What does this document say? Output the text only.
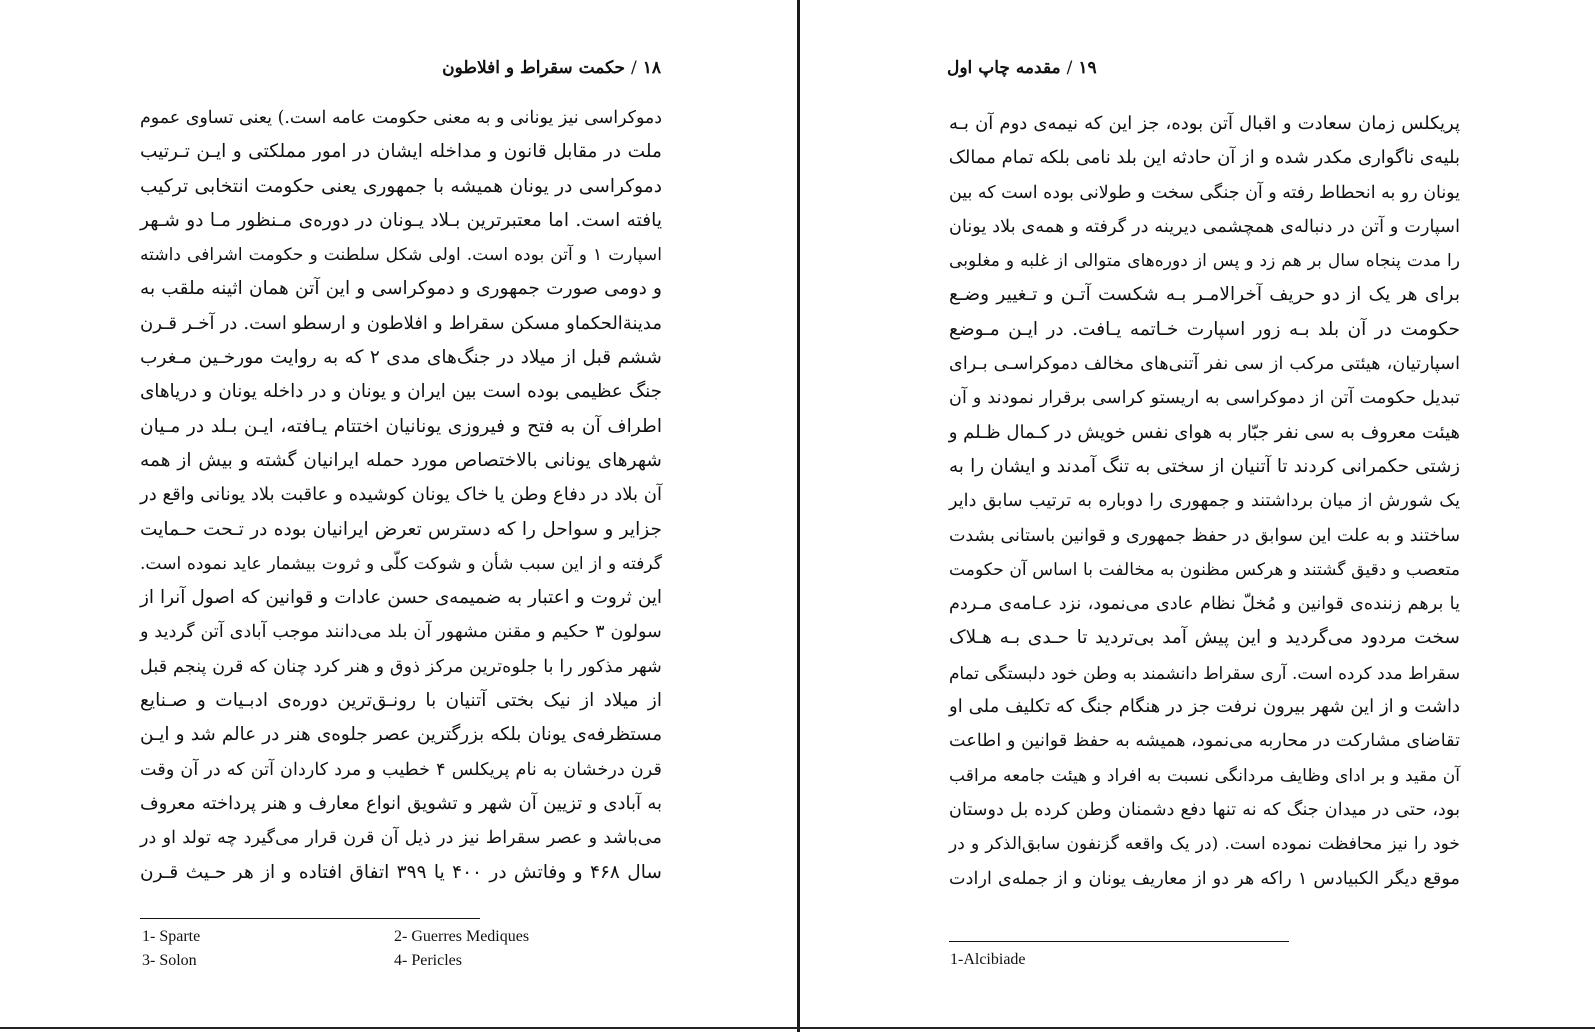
۱۸/حکمت سقراط و افلاطون
دموکراسی نیز یونانی و به معنی حکومت عامه است.) یعنی تساوی عموم
ملت در مقابل قانون و مداخله ایشان در امور مملکتی و ایـن تـرتیب
دموکراسی در یونان همیشه با جمهوری یعنی حکومت انتخابی ترکیب
یافته است. اما معتبرترین بـلاد یـونان در دوره‌ی مـنظور مـا دو شـهر
اسپارت ۱ و آتن بوده است. اولی شکل سلطنت و حکومت اشرافی داشته
و دومی صورت جمهوری و دموکراسی و این آتن همان اثینه ملقب به
مدینة‌الحکماو مسکن سقراط و افلاطون و ارسطو است. در آخـر قـرن
ششم قبل از میلاد در جنگ‌های مدی ۲ که به روایت مورخـین مـغرب
جنگ عظیمی بوده است بین ایران و یونان و در داخله یونان و دریاهای
اطراف آن به فتح و فیروزی یونانیان اختتام یـافته، ایـن بـلد در مـیان
شهرهای یونانی بالاختصاص مورد حمله ایرانیان گشته و بیش از همه
آن بلاد در دفاع وطن یا خاک یونان کوشیده و عاقبت بلاد یونانی واقع در
جزایر و سواحل را که دسترس تعرض ایرانیان بوده در تـحت حـمایت
گرفته و از این سبب شأن و شوکت کلّی و ثروت بیشمار عاید نموده است.
این ثروت و اعتبار به ضمیمه‌ی حسن عادات و قوانین که اصول آنرا از
سولون ۳ حکیم و مقنن مشهور آن بلد می‌دانند موجب آبادی آتن گردید و
شهر مذکور را با جلوه‌ترین مرکز ذوق و هنر کرد چنان که قرن پنجم قبل
از میلاد از نیک بختی آتنیان با رونـق‌ترین دوره‌ی ادبـیات و صـنایع
مستظرفه‌ی یونان بلکه بزرگترین عصر جلوه‌ی هنر در عالم شد و ایـن
قرن درخشان به نام پریکلس ۴ خطیب و مرد کاردان آتن که در آن وقت
به آبادی و تزیین آن شهر و تشویق انواع معارف و هنر پرداخته معروف
می‌باشد و عصر سقراط نیز در ذیل آن قرن قرار می‌گیرد چه تولد او در
سال ۴۶۸ و وفاتش در ۴۰۰ یا ۳۹۹ اتفاق افتاده و از هر حـیث قـرن
1- Sparte	2- Guerres Mediques
3- Solon	4- Pericles
۱۹/مقدمه چاپ اول
پریکلس زمان سعادت و اقبال آتن بوده، جز این که نیمه‌ی دوم آن بـه
بلیه‌ی ناگواری مکدر شده و از آن حادثه این بلد نامی بلکه تمام ممالک
یونان رو به انحطاط رفته و آن جنگی سخت و طولانی بوده است که بین
اسپارت و آتن در دنباله‌ی همچشمی دیرینه در گرفته و همه‌ی بلاد یونان
را مدت پنجاه سال بر هم زد و پس از دوره‌های متوالی از غلبه و مغلوبی
برای هر یک از دو حریف آخرالامـر بـه شکست آتـن و تـغییر وضـع
حکومت در آن بلد بـه زور اسپارت خـاتمه یـافت. در ایـن مـوضع
اسپارتیان، هیئتی مرکب از سی نفر آتنی‌های مخالف دموکراسـی بـرای
تبدیل حکومت آتن از دموکراسی به اریستو کراسی برقرار نمودند و آن
هیئت معروف به سی نفر جبّار به هوای نفس خویش در کـمال ظـلم و
زشتی حکمرانی کردند تا آتنیان از سختی به تنگ آمدند و ایشان را به
یک شورش از میان برداشتند و جمهوری را دوباره به ترتیب سابق دایر
ساختند و به علت این سوابق در حفظ جمهوری و قوانین باستانی بشدت
متعصب و دقیق گشتند و هرکس مظنون به مخالفت با اساس آن حکومت
یا برهم زننده‌ی قوانین و مُخلّ نظام عادی می‌نمود، نزد عـامه‌ی مـردم
سخت مردود می‌گردید و این پیش آمد بی‌تردید تا حـدی بـه هـلاک
سقراط مدد کرده است. آری سقراط دانشمند به وطن خود دلبستگی تمام
داشت و از این شهر بیرون نرفت جز در هنگام جنگ که تکلیف ملی او
تقاضای مشارکت در محاربه می‌نمود، همیشه به حفظ قوانین و اطاعت
آن مقید و بر ادای وظایف مردانگی نسبت به افراد و هیئت جامعه مراقب
بود، حتی در میدان جنگ که نه تنها دفع دشمنان وطن کرده بل دوستان
خود را نیز محافظت نموده است. (در یک واقعه گزنفون سابق‌الذکر و در
موقع دیگر الکبیادس ۱ راکه هر دو از معاریف یونان و از جمله‌ی ارادت
1-Alcibiade
